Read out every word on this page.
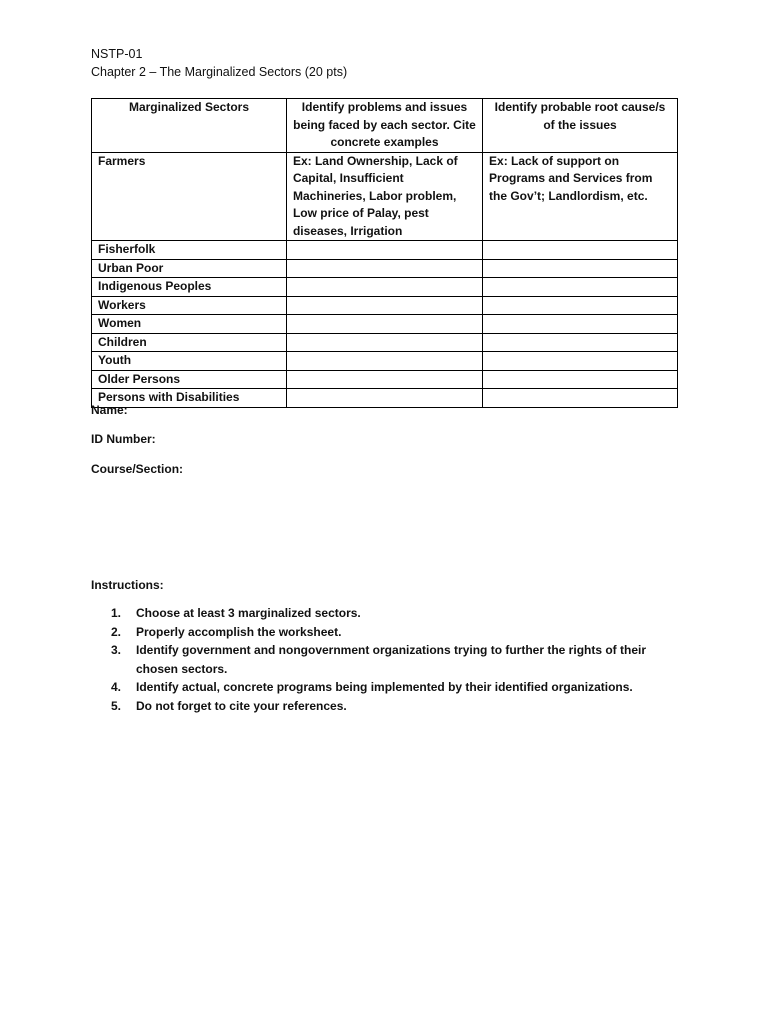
NSTP-01
Chapter 2 – The Marginalized Sectors (20 pts)
Marginalized Sectors	Identify problems and issues being faced by each sector. Cite concrete examples	Identify probable root cause/s of the issues
Farmers	Ex: Land Ownership, Lack of Capital, Insufficient Machineries, Labor problem, Low price of Palay, pest diseases, Irrigation	Ex: Lack of support on Programs and Services from the Gov’t; Landlordism, etc.
Fisherfolk		
Urban Poor		
Indigenous Peoples		
Workers		
Women		
Children		
Youth		
Older Persons		
Persons with Disabilities		
Name:
ID Number:
Course/Section:
Instructions:
1. Choose at least 3 marginalized sectors.
2. Properly accomplish the worksheet.
3. Identify government and nongovernment organizations trying to further the rights of their chosen sectors.
4. Identify actual, concrete programs being implemented by their identified organizations.
5. Do not forget to cite your references.
